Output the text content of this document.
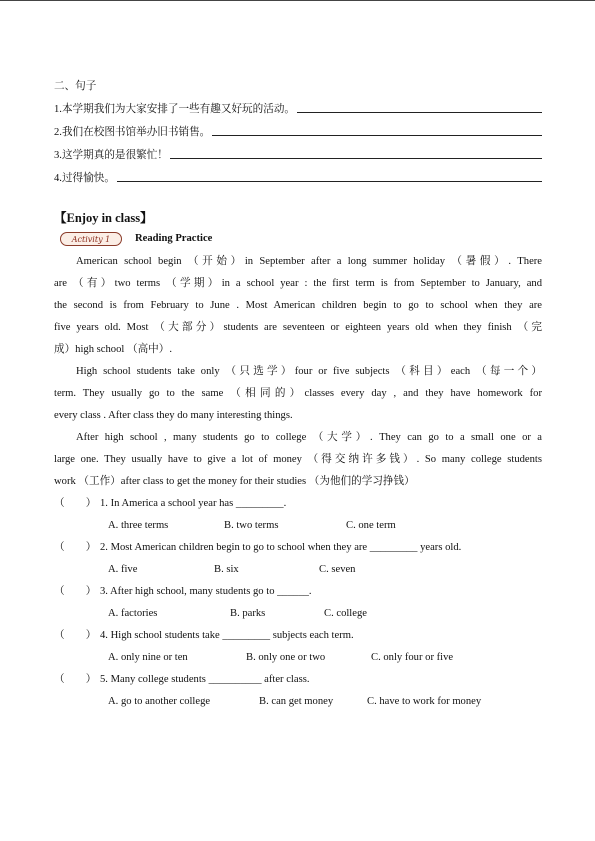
二、句子
1.本学期我们为大家安排了一些有趣又好玩的活动。
2.我们在校图书馆举办旧书销售。
3.这学期真的是很繁忙！
4.过得愉快。
【Enjoy in class】
Activity 1 Reading Practice
American school begin （开始）in September after a long summer holiday （暑假）. There
are （有）two terms （学期）in a school year : the first term is from September to January, and
the second is from February to June . Most American children begin to go to school when they are
five years old. Most （大部分）students are seventeen or eighteen years old when they finish （完
成）high school （高中）.
High school students take only （只选学）four or five subjects （科目）each （每一个）
term. They usually go to the same （相同的）classes every day , and they have homework for
every class . After class they do many interesting things.
After high school , many students go to college （大学）. They can go to a small one or a
large one. They usually have to give a lot of money （得交纳许多钱）. So many college students
work （工作）after class to get the money for their studies （为他们的学习挣钱）
（　　） 1. In America a school year has _________.
A. three terms	B. two terms	C. one term
（　　） 2. Most American children begin to go to school when they are _________ years old.
A. five	B. six	C. seven
（　　） 3. After high school, many students go to ______.
A. factories	B. parks	C. college
（　　） 4. High school students take _________ subjects each term.
A. only nine or ten	B. only one or two	C. only four or five
（　　） 5. Many college students __________ after class.
A. go to another college	B. can get money	C. have to work for money
